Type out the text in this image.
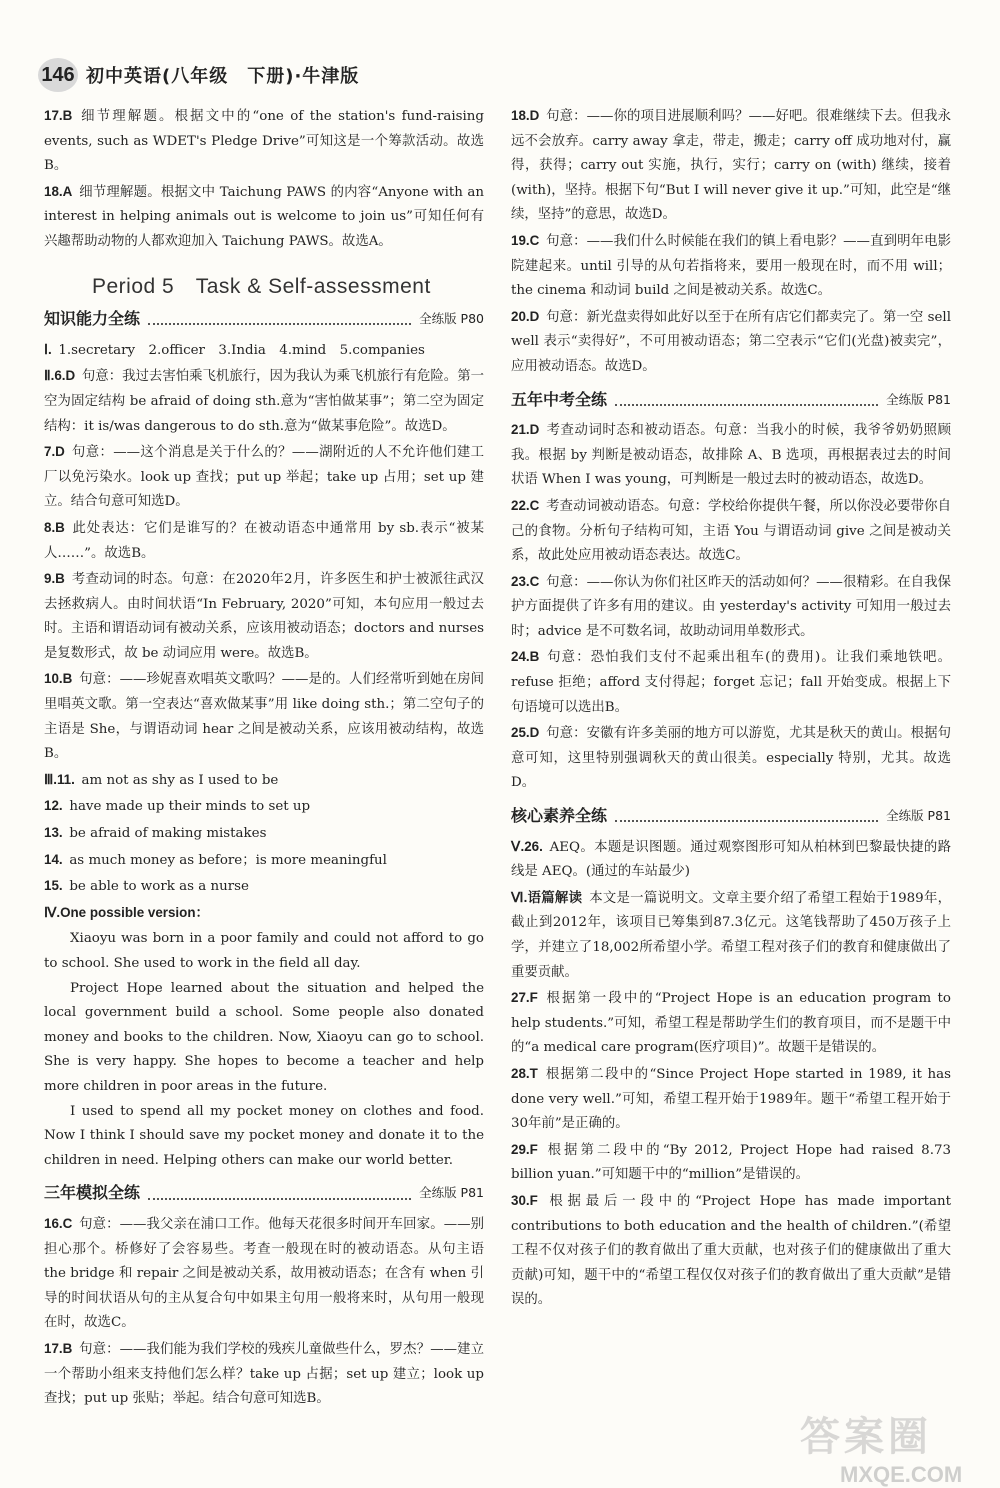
146 初中英语(八年级　下册)·牛津版
17.B  细节理解题。根据文中的“one of the station's fund-raising events, such as WDET's Pledge Drive”可知这是一个筹款活动。故选B。
18.A  细节理解题。根据文中 Taichung PAWS 的内容“Anyone with an interest in helping animals out is welcome to join us”可知任何有兴趣帮助动物的人都欢迎加入 Taichung PAWS。故选A。
Period 5　Task & Self-assessment
知识能力全练	全练版 P80
Ⅰ.  1.secretary　2.officer　3.India　4.mind　5.companies
Ⅱ.6.D  句意：我过去害怕乘飞机旅行，因为我认为乘飞机旅行有危险。第一空为固定结构 be afraid of doing sth.意为“害怕做某事”；第二空为固定结构：it is/was dangerous to do sth.意为“做某事危险”。故选D。
7.D  句意：——这个消息是关于什么的？——湖附近的人不允许他们建工厂以免污染水。look up 查找；put up 举起；take up 占用；set up 建立。结合句意可知选D。
8.B  此处表达：它们是谁写的？在被动语态中通常用 by sb.表示“被某人……”。故选B。
9.B  考查动词的时态。句意：在2020年2月，许多医生和护士被派往武汉去拯救病人。由时间状语“In February, 2020”可知，本句应用一般过去时。主语和谓语动词有被动关系，应该用被动语态；doctors and nurses 是复数形式，故 be 动词应用 were。故选B。
10.B  句意：——珍妮喜欢唱英文歌吗？——是的。人们经常听到她在房间里唱英文歌。第一空表达“喜欢做某事”用 like doing sth.；第二空句子的主语是 She，与谓语动词 hear 之间是被动关系，应该用被动结构，故选B。
Ⅲ.11.  am not as shy as I used to be
12.  have made up their minds to set up
13.  be afraid of making mistakes
14.  as much money as before；is more meaningful
15.  be able to work as a nurse
Ⅳ.One possible version：

Xiaoyu was born in a poor family and could not afford to go to school. She used to work in the field all day.

Project Hope learned about the situation and helped the local government build a school. Some people also donated money and books to the children. Now, Xiaoyu can go to school. She is very happy. She hopes to become a teacher and help more children in poor areas in the future.

I used to spend all my pocket money on clothes and food. Now I think I should save my pocket money and donate it to the children in need. Helping others can make our world better.

三年模拟全练	全练版 P81
16.C  句意：——我父亲在浦口工作。他每天花很多时间开车回家。——别担心那个。桥修好了会容易些。考查一般现在时的被动语态。从句主语 the bridge 和 repair 之间是被动关系，故用被动语态；在含有 when 引导的时间状语从句的主从复合句中如果主句用一般将来时，从句用一般现在时，故选C。
17.B  句意：——我们能为我们学校的残疾儿童做些什么，罗杰？——建立一个帮助小组来支持他们怎么样？take up 占据；set up 建立；look up 查找；put up 张贴；举起。结合句意可知选B。
18.D  句意：——你的项目进展顺利吗？——好吧。很难继续下去。但我永远不会放弃。carry away 拿走，带走，搬走；carry off 成功地对付，赢得，获得；carry out 实施，执行，实行；carry on (with) 继续，接着 (with)，坚持。根据下句“But I will never give it up.”可知，此空是“继续，坚持”的意思，故选D。
19.C  句意：——我们什么时候能在我们的镇上看电影？——直到明年电影院建起来。until 引导的从句若指将来，要用一般现在时，而不用 will；the cinema 和动词 build 之间是被动关系。故选C。
20.D  句意：新光盘卖得如此好以至于在所有店它们都卖完了。第一空 sell well 表示“卖得好”，不可用被动语态；第二空表示“它们(光盘)被卖完”，应用被动语态。故选D。
五年中考全练	全练版 P81
21.D  考查动词时态和被动语态。句意：当我小的时候，我爷爷奶奶照顾我。根据 by 判断是被动语态，故排除 A、B 选项，再根据表过去的时间状语 When I was young，可判断是一般过去时的被动语态，故选D。
22.C  考查动词被动语态。句意：学校给你提供午餐，所以你没必要带你自己的食物。分析句子结构可知，主语 You 与谓语动词 give 之间是被动关系，故此处应用被动语态表达。故选C。
23.C  句意：——你认为你们社区昨天的活动如何？——很精彩。在自我保护方面提供了许多有用的建议。由 yesterday's activity 可知用一般过去时；advice 是不可数名词，故助动词用单数形式。
24.B  句意：恐怕我们支付不起乘出租车(的费用)。让我们乘地铁吧。refuse 拒绝；afford 支付得起；forget 忘记；fall 开始变成。根据上下句语境可以选出B。
25.D  句意：安徽有许多美丽的地方可以游览，尤其是秋天的黄山。根据句意可知，这里特别强调秋天的黄山很美。especially 特别，尤其。故选D。
核心素养全练	全练版 P81
Ⅴ.26.  AEQ。本题是识图题。通过观察图形可知从柏林到巴黎最快捷的路线是 AEQ。(通过的车站最少)
Ⅵ.语篇解读  本文是一篇说明文。文章主要介绍了希望工程始于1989年，截止到2012年，该项目已筹集到87.3亿元。这笔钱帮助了450万孩子上学，并建立了18,002所希望小学。希望工程对孩子们的教育和健康做出了重要贡献。
27.F  根据第一段中的“Project Hope is an education program to help students.”可知，希望工程是帮助学生们的教育项目，而不是题干中的“a medical care program(医疗项目)”。故题干是错误的。
28.T  根据第二段中的“Since Project Hope started in 1989, it has done very well.”可知，希望工程开始于1989年。题干“希望工程开始于30年前”是正确的。
29.F  根据第二段中的“By 2012, Project Hope had raised 8.73 billion yuan.”可知题干中的“million”是错误的。
30.F  根据最后一段中的“Project Hope has made important contributions to both education and the health of children.”(希望工程不仅对孩子们的教育做出了重大贡献，也对孩子们的健康做出了重大贡献)可知，题干中的“希望工程仅仅对孩子们的教育做出了重大贡献”是错误的。
答案圈
MXQE.COM
